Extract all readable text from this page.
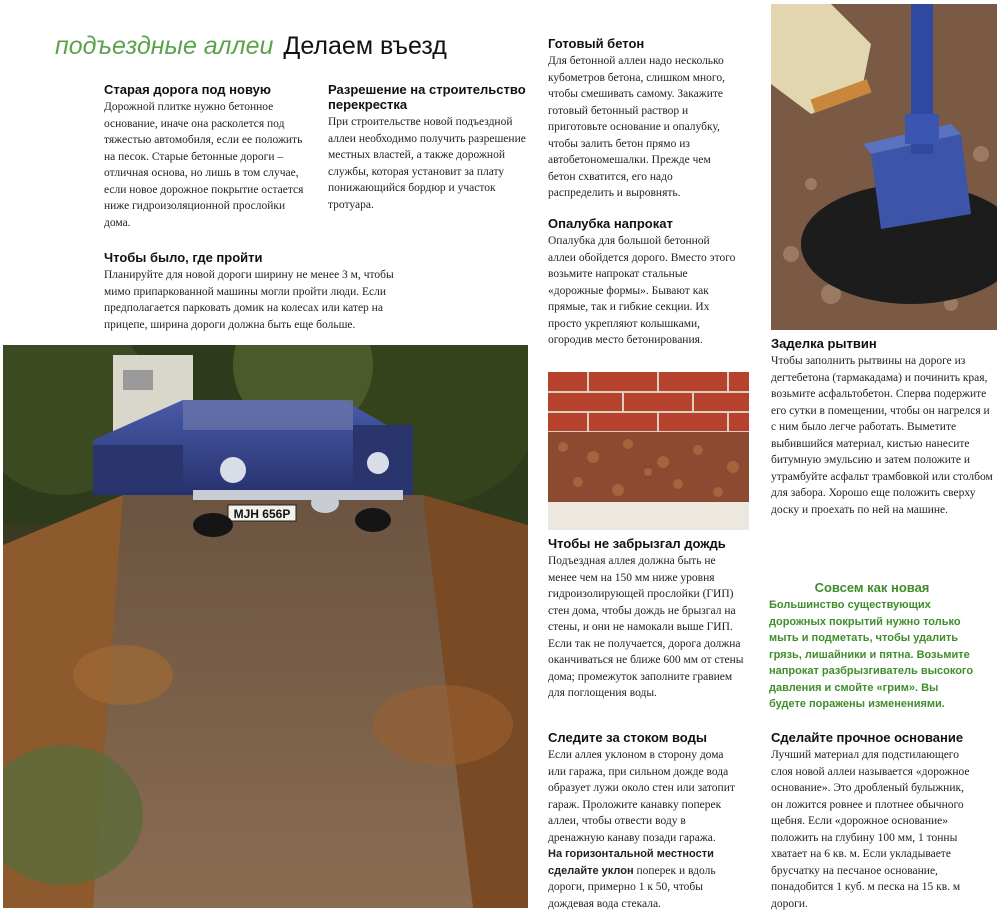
подъездные аллеи Делаем въезд
Старая дорога под новую

Дорожной плитке нужно бетонное основание, иначе она расколется под тяжестью автомобиля, если ее положить на песок. Старые бетонные дороги – отличная основа, но лишь в том случае, если новое дорожное покрытие остается ниже гидроизоляционной прослойки дома.

Разрешение на строительство перекрестка

При строительстве новой подъездной аллеи необходимо получить разрешение местных властей, а также дорожной службы, которая установит за плату понижающийся бордюр и участок тротуара.

Чтобы было, где пройти

Планируйте для новой дороги ширину не менее 3 м, чтобы мимо припаркованной машины могли пройти люди. Если предполагается парковать домик на колесах или катер на прицепе, ширина дороги должна быть еще больше.

MJH 656P
Готовый бетон

Для бетонной аллеи надо несколько кубометров бетона, слишком много, чтобы смешивать самому. Закажите готовый бетонный раствор и приготовьте основание и опалубку, чтобы залить бетон прямо из автобетономешалки. Прежде чем бетон схватится, его надо распределить и выровнять.

Опалубка напрокат

Опалубка для большой бетонной аллеи обойдется дорого. Вместо этого возьмите напрокат стальные «дорожные формы». Бывают как прямые, так и гибкие секции. Их просто укрепляют колышками, огородив место бетонирования.

Чтобы не забрызгал дождь

Подъездная аллея должна быть не менее чем на 150 мм ниже уровня гидроизолирующей прослойки (ГИП) стен дома, чтобы дождь не брызгал на стены, и они не намокали выше ГИП. Если так не получается, дорога должна оканчиваться не ближе 600 мм от стены дома; промежуток заполните гравием для поглощения воды.

Следите за стоком воды

Если аллея уклоном в сторону дома или гаража, при сильном дожде вода образует лужи около стен или затопит гараж. Проложите канавку поперек аллеи, чтобы отвести воду в дренажную канаву позади гаража.
На горизонтальной местности сделайте уклон поперек и вдоль дороги, примерно 1 к 50, чтобы дождевая вода стекала.

Заделка рытвин

Чтобы заполнить рытвины на дороге из дегтебетона (тармакадама) и починить края, возьмите асфальтобетон. Сперва подержите его сутки в помещении, чтобы он нагрелся и с ним было легче работать. Выметите выбившийся материал, кистью нанесите битумную эмульсию и затем положите и утрамбуйте асфальт трамбовкой или столбом для забора. Хорошо еще положить сверху доску и проехать по ней на машине.

Совсем как новая
Большинство существующих дорожных покрытий нужно только мыть и подметать, чтобы удалить грязь, лишайники и пятна. Возьмите напрокат разбрызгиватель высокого давления и смойте «грим». Вы будете поражены изменениями.
Сделайте прочное основание

Лучший материал для подстилающего слоя новой аллеи называется «дорожное основание». Это дробленый булыжник, он ложится ровнее и плотнее обычного щебня. Если «дорожное основание» положить на глубину 100 мм, 1 тонны хватает на 6 кв. м. Если укладываете брусчатку на песчаное основание, понадобится 1 куб. м песка на 15 кв. м дороги.
